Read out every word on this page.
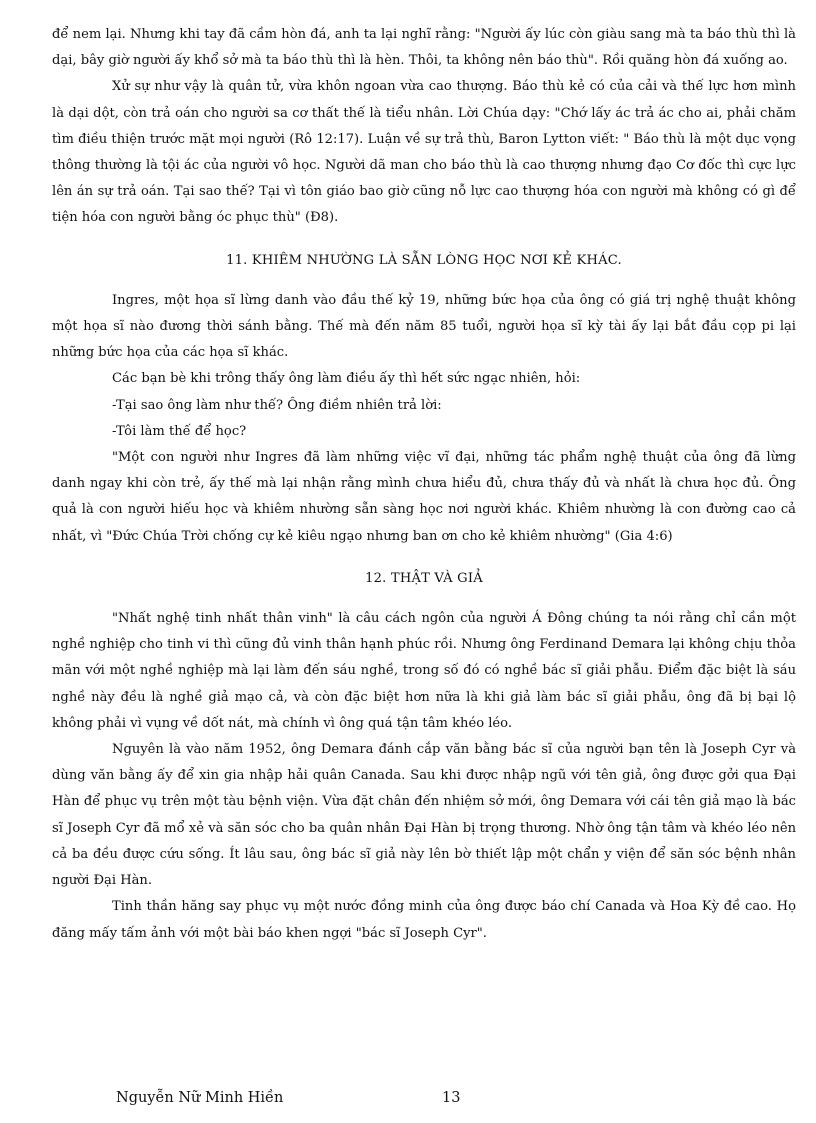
để nem lại. Nhưng khi tay đã cầm hòn đá, anh ta lại nghĩ rằng: "Người ấy lúc còn giàu sang mà ta báo thù thì là dại, bây giờ người ấy khổ sở mà ta báo thù thì là hèn. Thôi, ta không nên báo thù". Rồi quăng hòn đá xuống ao.

Xử sự như vậy là quân tử, vừa khôn ngoan vừa cao thượng. Báo thù kẻ có của cải và thế lực hơn mình là dại dột, còn trả oán cho người sa cơ thất thế là tiểu nhân. Lời Chúa dạy: "Chớ lấy ác trả ác cho ai, phải chăm tìm điều thiện trước mặt mọi người (Rô 12:17). Luận về sự trả thù, Baron Lytton viết: " Báo thù là một dục vọng thông thường là tội ác của người vô học. Người dã man cho báo thù là cao thượng nhưng đạo Cơ đốc thì cực lực lên án sự trả oán. Tại sao thế? Tại vì tôn giáo bao giờ cũng nỗ lực cao thượng hóa con người mà không có gì để tiện hóa con người bằng óc phục thù" (Đ8).

11. KHIÊM NHƯỜNG LÀ SẴN LÒNG HỌC NƠI KẺ KHÁC.

Ingres, một họa sĩ lừng danh vào đầu thế kỷ 19, những bức họa của ông có giá trị nghệ thuật không một họa sĩ nào đương thời sánh bằng. Thế mà đến năm 85 tuổi, người họa sĩ kỳ tài ấy lại bắt đầu cọp pi lại những bức họa của các họa sĩ khác.

Các bạn bè khi trông thấy ông làm điều ấy thì hết sức ngạc nhiên, hỏi:

-Tại sao ông làm như thế? Ông điềm nhiên trả lời:

-Tôi làm thế để học?

"Một con người như Ingres đã làm những việc vĩ đại, những tác phẩm nghệ thuật của ông đã lừng danh ngay khi còn trẻ, ấy thế mà lại nhận rằng mình chưa hiểu đủ, chưa thấy đủ và nhất là chưa học đủ. Ông quả là con người hiếu học và khiêm nhường sẵn sàng học nơi người khác. Khiêm nhường là con đường cao cả nhất, vì "Đức Chúa Trời chống cự kẻ kiêu ngạo nhưng ban ơn cho kẻ khiêm nhường" (Gia 4:6)

12. THẬT VÀ GIẢ

"Nhất nghệ tinh nhất thân vinh" là câu cách ngôn của người Á Đông chúng ta nói rằng chỉ cần một nghề nghiệp cho tinh vi thì cũng đủ vinh thân hạnh phúc rồi. Nhưng ông Ferdinand Demara lại không chịu thỏa mãn với một nghề nghiệp mà lại làm đến sáu nghề, trong số đó có nghề bác sĩ giải phẫu. Điểm đặc biệt là sáu nghề này đều là nghề giả mạo cả, và còn đặc biệt hơn nữa là khi giả làm bác sĩ giải phẫu, ông đã bị bại lộ không phải vì vụng về dốt nát, mà chính vì ông quá tận tâm khéo léo.

Nguyên là vào năm 1952, ông Demara đánh cắp văn bằng bác sĩ của người bạn tên là Joseph Cyr và dùng văn bằng ấy để xin gia nhập hải quân Canada. Sau khi được nhập ngũ với tên giả, ông được gởi qua Đại Hàn để phục vụ trên một tàu bệnh viện. Vừa đặt chân đến nhiệm sở mới, ông Demara với cái tên giả mạo là bác sĩ Joseph Cyr đã mổ xẻ và săn sóc cho ba quân nhân Đại Hàn bị trọng thương. Nhờ ông tận tâm và khéo léo nên cả ba đều được cứu sống. Ít lâu sau, ông bác sĩ giả này lên bờ thiết lập một chẩn y viện để săn sóc bệnh nhân người Đại Hàn.

Tinh thần hăng say phục vụ một nước đồng minh của ông được báo chí Canada và Hoa Kỳ đề cao. Họ đăng mấy tấm ảnh với một bài báo khen ngợi "bác sĩ Joseph Cyr".

Nguyễn Nữ Minh Hiền	13
